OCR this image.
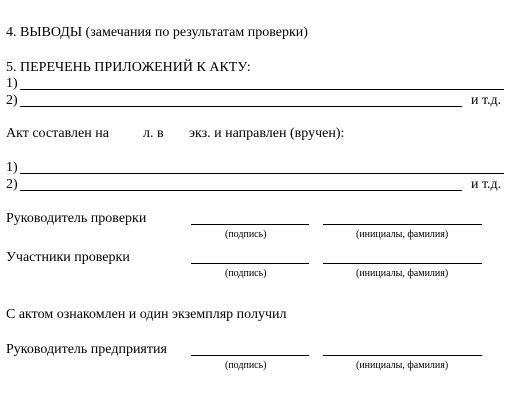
4. ВЫВОДЫ (замечания по результатам проверки)
5. ПЕРЕЧЕНЬ ПРИЛОЖЕНИЙ К АКТУ:
1)
2)	и т.д.
Акт составлен на л. в экз. и направлен (вручен):
1)
2)	и т.д.
Руководитель проверки
(подпись)	(инициалы, фамилия)
Участники проверки
(подпись)	(инициалы, фамилия)
С актом ознакомлен и один экземпляр получил
Руководитель предприятия
(подпись)	(инициалы, фамилия)
